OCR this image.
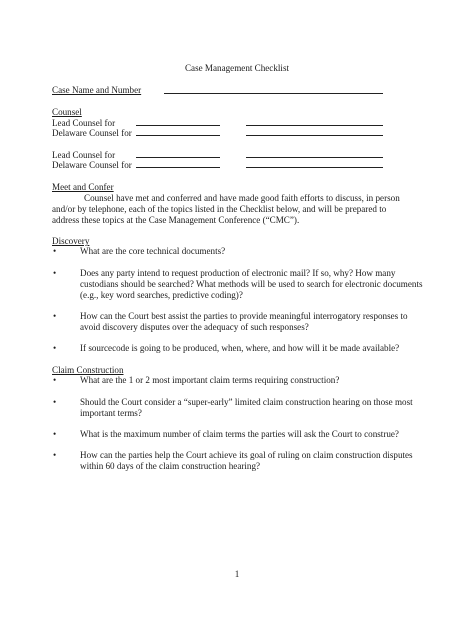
Case Management Checklist
Case Name and Number
Counsel
Lead Counsel for
Delaware Counsel for
Lead Counsel for
Delaware Counsel for
Meet and Confer
Counsel have met and conferred and have made good faith efforts to discuss, in person and/or by telephone, each of the topics listed in the Checklist below, and will be prepared to address these topics at the Case Management Conference (“CMC”).
Discovery
•	What are the core technical documents?
•	Does any party intend to request production of electronic mail? If so, why? How many custodians should be searched? What methods will be used to search for electronic documents (e.g., key word searches, predictive coding)?
•	How can the Court best assist the parties to provide meaningful interrogatory responses to avoid discovery disputes over the adequacy of such responses?
•	If sourcecode is going to be produced, when, where, and how will it be made available?
Claim Construction
•	What are the 1 or 2 most important claim terms requiring construction?
•	Should the Court consider a “super-early” limited claim construction hearing on those most important terms?
•	What is the maximum number of claim terms the parties will ask the Court to construe?
•	How can the parties help the Court achieve its goal of ruling on claim construction disputes within 60 days of the claim construction hearing?
1
